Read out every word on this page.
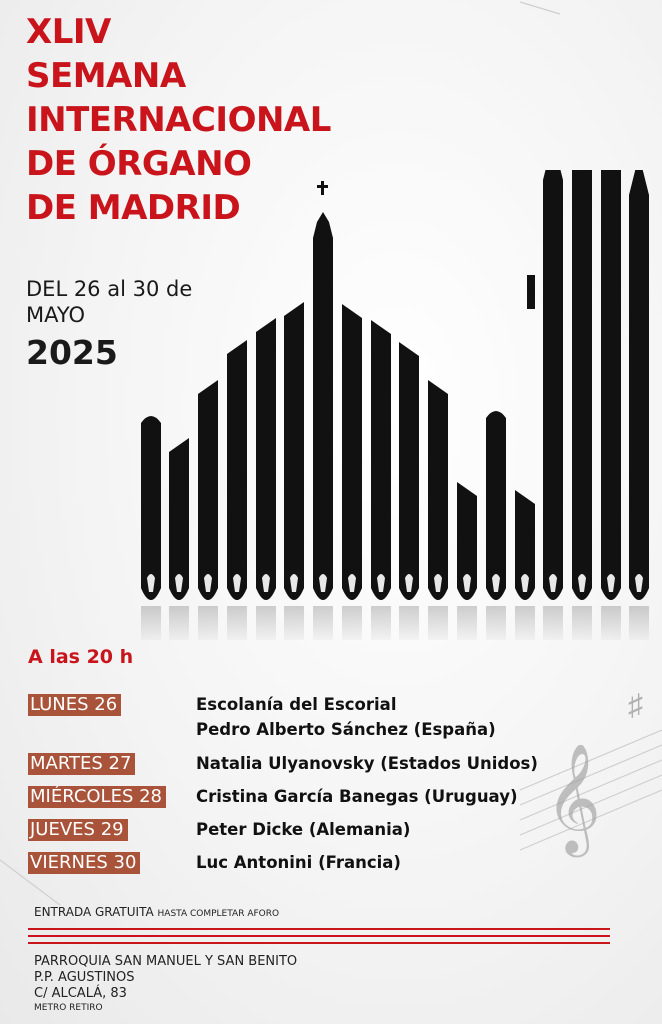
𝄞
♯
XLIV
SEMANA
INTERNACIONAL
DE ÓRGANO
DE MADRID
DEL 26 al 30 de
MAYO
2025
A las 20 h
LUNES 26	Escolanía del Escorial
Pedro Alberto Sánchez (España)
MARTES 27	Natalia Ulyanovsky (Estados Unidos)
MIÉRCOLES 28 Cristina García Banegas (Uruguay)
JUEVES 29	Peter Dicke (Alemania)
VIERNES 30	Luc Antonini (Francia)
ENTRADA GRATUITA HASTA COMPLETAR AFORO
PARROQUIA SAN MANUEL Y SAN BENITO
P.P. AGUSTINOS
C/ ALCALÁ, 83
METRO RETIRO
